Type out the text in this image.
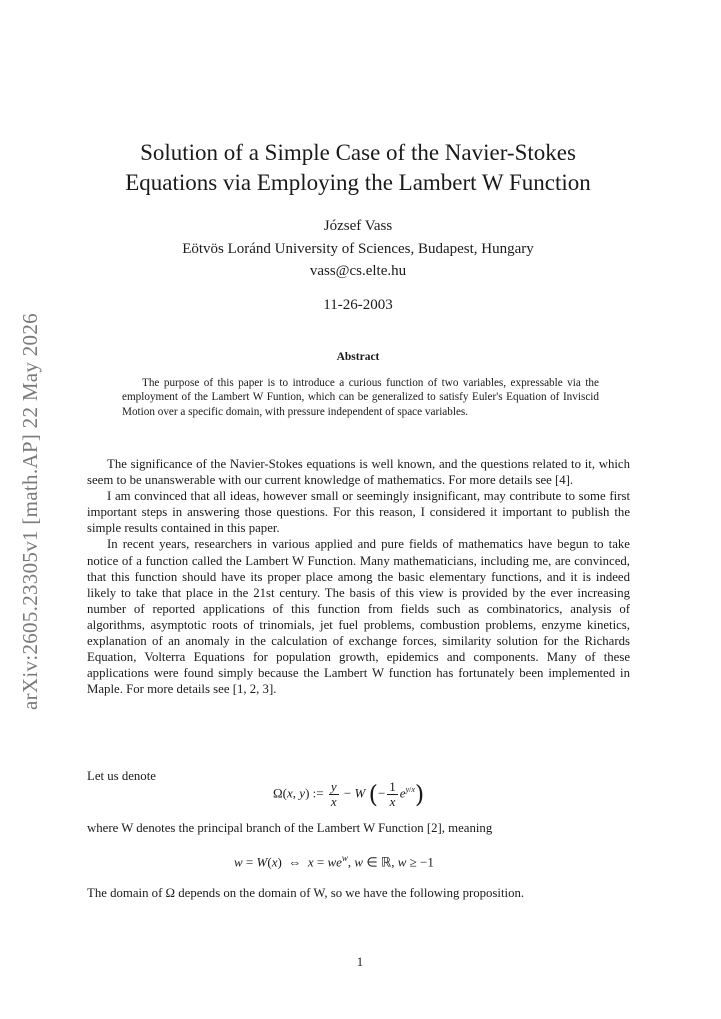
arXiv:2605.23305v1 [math.AP] 22 May 2026
Solution of a Simple Case of the Navier-Stokes
Equations via Employing the Lambert W Function
József Vass
Eötvös Loránd University of Sciences, Budapest, Hungary
vass@cs.elte.hu
11-26-2003
Abstract
The purpose of this paper is to introduce a curious function of two variables, expressable via the employment of the Lambert W Funtion, which can be generalized to satisfy Euler's Equation of Inviscid Motion over a specific domain, with pressure independent of space variables.

The significance of the Navier-Stokes equations is well known, and the questions related to it, which seem to be unanswerable with our current knowledge of mathematics. For more details see [4].

I am convinced that all ideas, however small or seemingly insignificant, may contribute to some first important steps in answering those questions. For this reason, I considered it important to publish the simple results contained in this paper.

In recent years, researchers in various applied and pure fields of mathematics have begun to take notice of a function called the Lambert W Function. Many mathematicians, including me, are convinced, that this function should have its proper place among the basic elementary functions, and it is indeed likely to take that place in the 21st century. The basis of this view is provided by the ever increasing number of reported applications of this function from fields such as combinatorics, analysis of algorithms, asymptotic roots of trinomials, jet fuel problems, combustion problems, enzyme kinetics, explanation of an anomaly in the calculation of exchange forces, similarity solution for the Richards Equation, Volterra Equations for population growth, epidemics and components. Many of these applications were found simply because the Lambert W function has fortunately been implemented in Maple. For more details see [1, 2, 3].

Let us denote
Ω(x, y) := $\frac{y}{x} - W$ (− $\frac{1}{x} e^{y/x}$)
where W denotes the principal branch of the Lambert W Function [2], meaning
w = W(x)  ⇔  $x = we^w$, w ∈ ℝ, w ≥ −1
The domain of Ω depends on the domain of W, so we have the following proposition.
1
